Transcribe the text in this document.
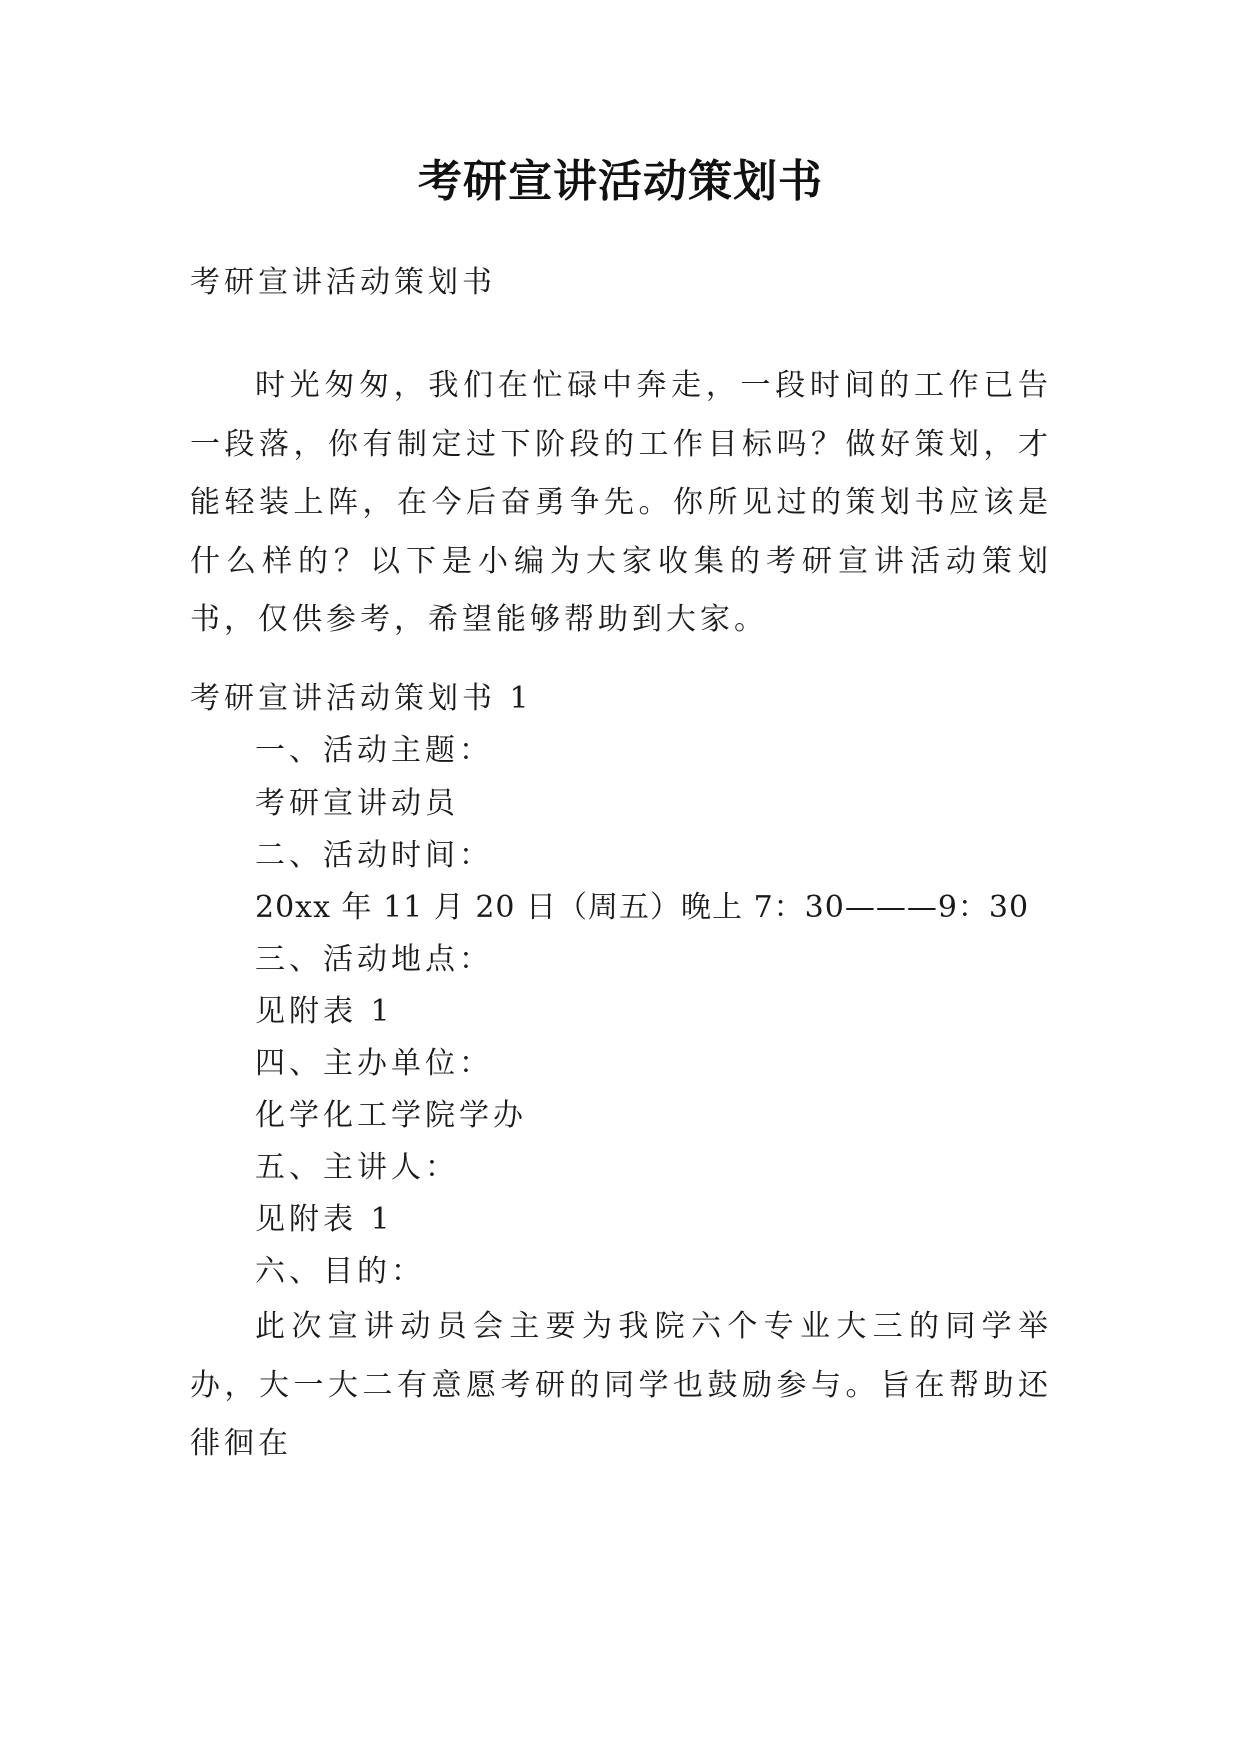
考研宣讲活动策划书
考研宣讲活动策划书
时光匆匆，我们在忙碌中奔走，一段时间的工作已告一段落，你有制定过下阶段的工作目标吗？做好策划，才能轻装上阵，在今后奋勇争先。你所见过的策划书应该是什么样的？以下是小编为大家收集的考研宣讲活动策划书，仅供参考，希望能够帮助到大家。
考研宣讲活动策划书 1
一、活动主题：
考研宣讲动员
二、活动时间：
20xx 年 11 月 20 日（周五）晚上 7：30———9：30
三、活动地点：
见附表 1
四、主办单位：
化学化工学院学办
五、主讲人：
见附表 1
六、目的：
此次宣讲动员会主要为我院六个专业大三的同学举办，大一大二有意愿考研的同学也鼓励参与。旨在帮助还徘徊在
